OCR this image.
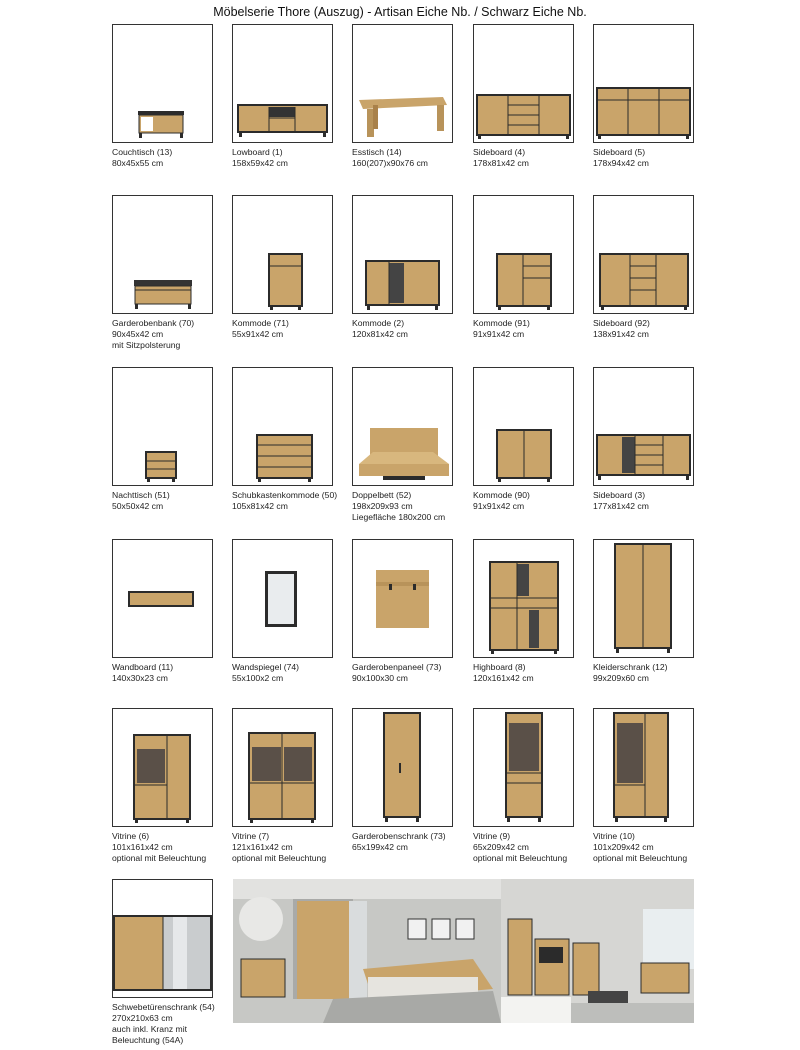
Möbelserie Thore (Auszug) - Artisan Eiche Nb. / Schwarz Eiche Nb.
Couchtisch (13)
80x45x55 cm
Lowboard (1)
158x59x42 cm
Esstisch (14)
160(207)x90x76 cm
Sideboard (4)
178x81x42 cm
Sideboard (5)
178x94x42 cm
Garderobenbank (70)
90x45x42 cm
mit Sitzpolsterung
Kommode (71)
55x91x42 cm
Kommode (2)
120x81x42 cm
Kommode (91)
91x91x42 cm
Sideboard (92)
138x91x42 cm
Nachttisch (51)
50x50x42 cm
Schubkastenkommode (50)
105x81x42 cm
Doppelbett (52)
198x209x93 cm
Liegefläche 180x200 cm
Kommode (90)
91x91x42 cm
Sideboard (3)
177x81x42 cm
Wandboard (11)
140x30x23 cm
Wandspiegel (74)
55x100x2 cm
Garderobenpaneel (73)
90x100x30 cm
Highboard (8)
120x161x42 cm
Kleiderschrank (12)
99x209x60 cm
Vitrine (6)
101x161x42 cm
optional mit Beleuchtung
Vitrine (7)
121x161x42 cm
optional mit Beleuchtung
Garderobenschrank (73)
65x199x42 cm
Vitrine (9)
65x209x42 cm
optional mit Beleuchtung
Vitrine (10)
101x209x42 cm
optional mit Beleuchtung
Schwebetürenschrank (54)
270x210x63 cm
auch inkl. Kranz mit
Beleuchtung (54A)
